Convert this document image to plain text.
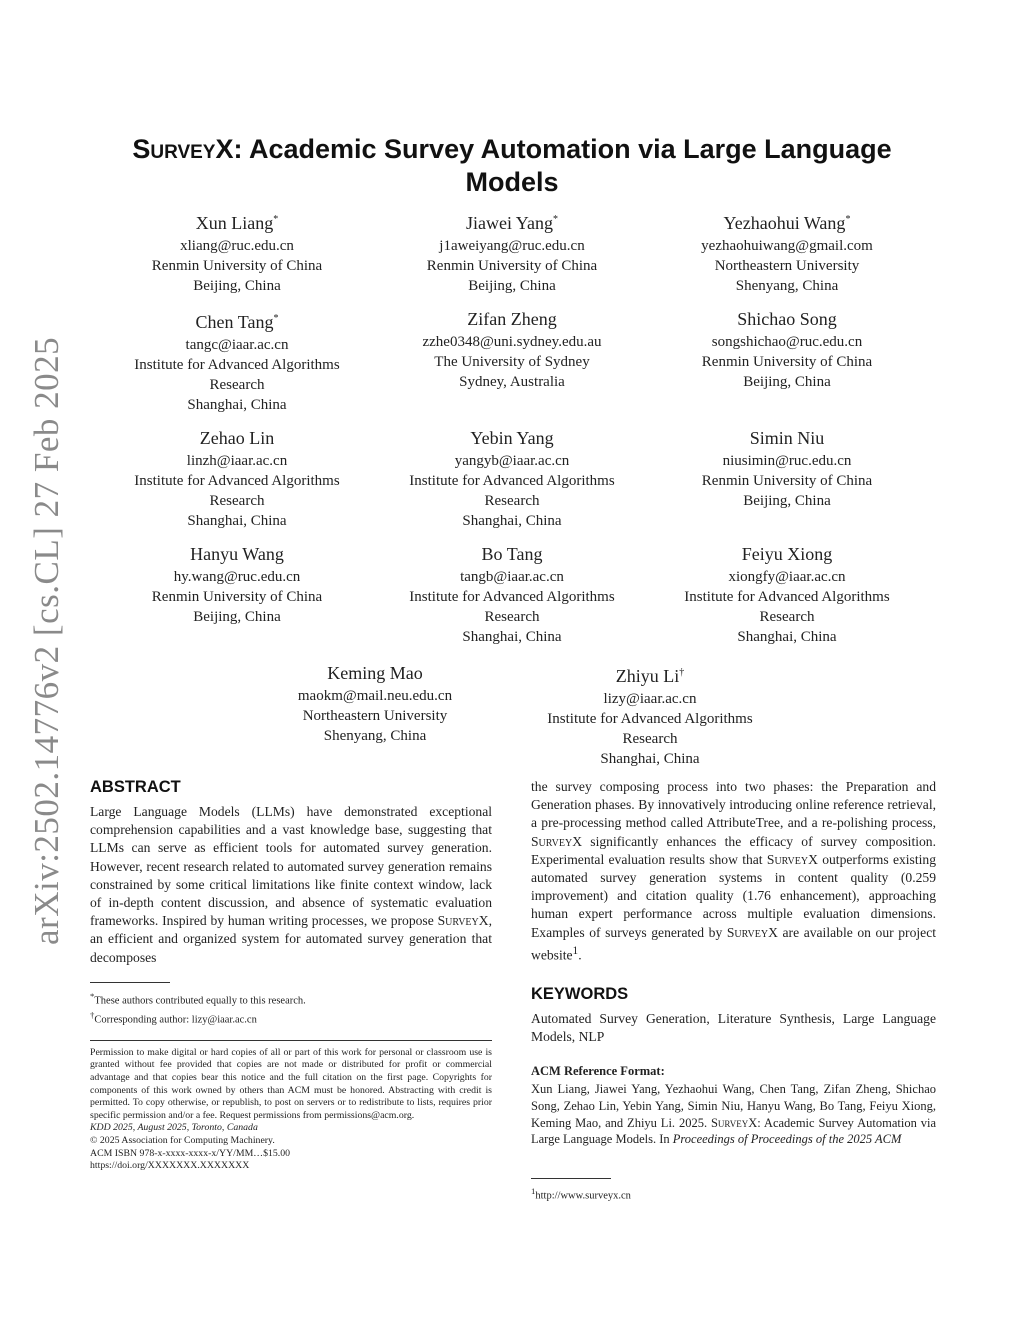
arXiv:2502.14776v2 [cs.CL] 27 Feb 2025
SurveyX: Academic Survey Automation via Large Language Models
Xun Liang*
xliang@ruc.edu.cn
Renmin University of China
Beijing, China
Jiawei Yang*
j1aweiyang@ruc.edu.cn
Renmin University of China
Beijing, China
Yezhaohui Wang*
yezhaohuiwang@gmail.com
Northeastern University
Shenyang, China
Chen Tang*
tangc@iaar.ac.cn
Institute for Advanced Algorithms
Research
Shanghai, China
Zifan Zheng
zzhe0348@uni.sydney.edu.au
The University of Sydney
Sydney, Australia
Shichao Song
songshichao@ruc.edu.cn
Renmin University of China
Beijing, China
Zehao Lin
linzh@iaar.ac.cn
Institute for Advanced Algorithms
Research
Shanghai, China
Yebin Yang
yangyb@iaar.ac.cn
Institute for Advanced Algorithms
Research
Shanghai, China
Simin Niu
niusimin@ruc.edu.cn
Renmin University of China
Beijing, China
Hanyu Wang
hy.wang@ruc.edu.cn
Renmin University of China
Beijing, China
Bo Tang
tangb@iaar.ac.cn
Institute for Advanced Algorithms
Research
Shanghai, China
Feiyu Xiong
xiongfy@iaar.ac.cn
Institute for Advanced Algorithms
Research
Shanghai, China
Keming Mao
maokm@mail.neu.edu.cn
Northeastern University
Shenyang, China
Zhiyu Li†
lizy@iaar.ac.cn
Institute for Advanced Algorithms
Research
Shanghai, China
ABSTRACT

Large Language Models (LLMs) have demonstrated exceptional comprehension capabilities and a vast knowledge base, suggesting that LLMs can serve as efficient tools for automated survey generation. However, recent research related to automated survey generation remains constrained by some critical limitations like finite context window, lack of in-depth content discussion, and absence of systematic evaluation frameworks. Inspired by human writing processes, we propose SurveyX, an efficient and organized system for automated survey generation that decomposes

*These authors contributed equally to this research.

†Corresponding author: lizy@iaar.ac.cn

Permission to make digital or hard copies of all or part of this work for personal or classroom use is granted without fee provided that copies are not made or distributed for profit or commercial advantage and that copies bear this notice and the full citation on the first page. Copyrights for components of this work owned by others than ACM must be honored. Abstracting with credit is permitted. To copy otherwise, or republish, to post on servers or to redistribute to lists, requires prior specific permission and/or a fee. Request permissions from permissions@acm.org.

KDD 2025, August 2025, Toronto, Canada

© 2025 Association for Computing Machinery.

ACM ISBN 978-x-xxxx-xxxx-x/YY/MM…$15.00

https://doi.org/XXXXXXX.XXXXXXX

the survey composing process into two phases: the Preparation and Generation phases. By innovatively introducing online reference retrieval, a pre-processing method called AttributeTree, and a re-polishing process, SurveyX significantly enhances the efficacy of survey composition. Experimental evaluation results show that SurveyX outperforms existing automated survey generation systems in content quality (0.259 improvement) and citation quality (1.76 enhancement), approaching human expert performance across multiple evaluation dimensions. Examples of surveys generated by SurveyX are available on our project website$^1$.

KEYWORDS

Automated Survey Generation, Literature Synthesis, Large Language Models, NLP

ACM Reference Format:

Xun Liang, Jiawei Yang, Yezhaohui Wang, Chen Tang, Zifan Zheng, Shichao Song, Zehao Lin, Yebin Yang, Simin Niu, Hanyu Wang, Bo Tang, Feiyu Xiong, Keming Mao, and Zhiyu Li. 2025. SurveyX: Academic Survey Automation via Large Language Models. In Proceedings of Proceedings of the 2025 ACM

$^1$http://www.surveyx.cn
